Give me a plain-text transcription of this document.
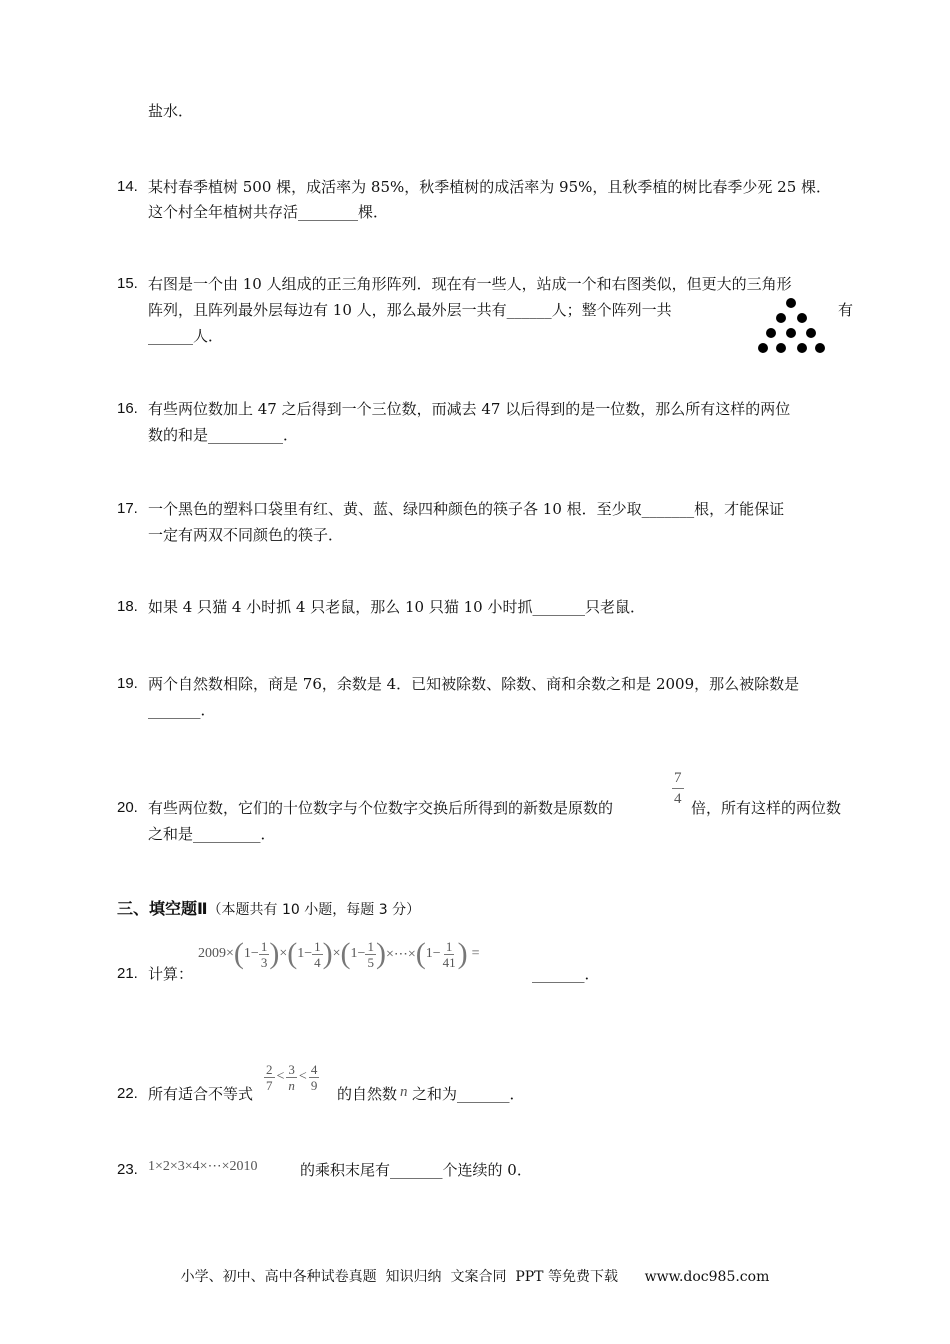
盐水．
14. 某村春季植树 500 棵，成活率为 85%，秋季植树的成活率为 95%，且秋季植的树比春季少死 25 棵．
这个村全年植树共存活________棵．
15. 右图是一个由 10 人组成的正三角形阵列．现在有一些人，站成一个和右图类似，但更大的三角形
阵列，且阵列最外层每边有 10 人，那么最外层一共有______人；整个阵列一共	有
______人．
16. 有些两位数加上 47 之后得到一个三位数，而减去 47 以后得到的是一位数，那么所有这样的两位
数的和是__________．
17. 一个黑色的塑料口袋里有红、黄、蓝、绿四种颜色的筷子各 10 根．至少取_______根，才能保证
一定有两双不同颜色的筷子．
18. 如果 4 只猫 4 小时抓 4 只老鼠，那么 10 只猫 10 小时抓_______只老鼠．
19. 两个自然数相除，商是 76，余数是 4．已知被除数、除数、商和余数之和是 2009，那么被除数是
_______．
20. 有些两位数，它们的十位数字与个位数字交换后所得到的新数是原数的	$\frac{7}{4}$ 倍，所有这样的两位数
之和是_________．
三、填空题Ⅱ（本题共有 10 小题，每题 3 分）
21. 计算：
2009 × ( $1 - \frac{1}{3}$ ) × ( $1 - \frac{1}{4}$ ) × ( $1 - \frac{1}{5}$ ) ×⋯× ( $1 - \frac{1}{41}$ ) =
_______．
22. 所有适合不等式
$\frac{2}{7} < \frac{3}{n} < \frac{4}{9}$
的自然数 n 之和为_______．
23. 1×2×3×4×⋯×2010	的乘积末尾有_______个连续的 0．
小学、初中、高中各种试卷真题  知识归纳  文案合同  PPT 等免费下载      www.doc985.com
